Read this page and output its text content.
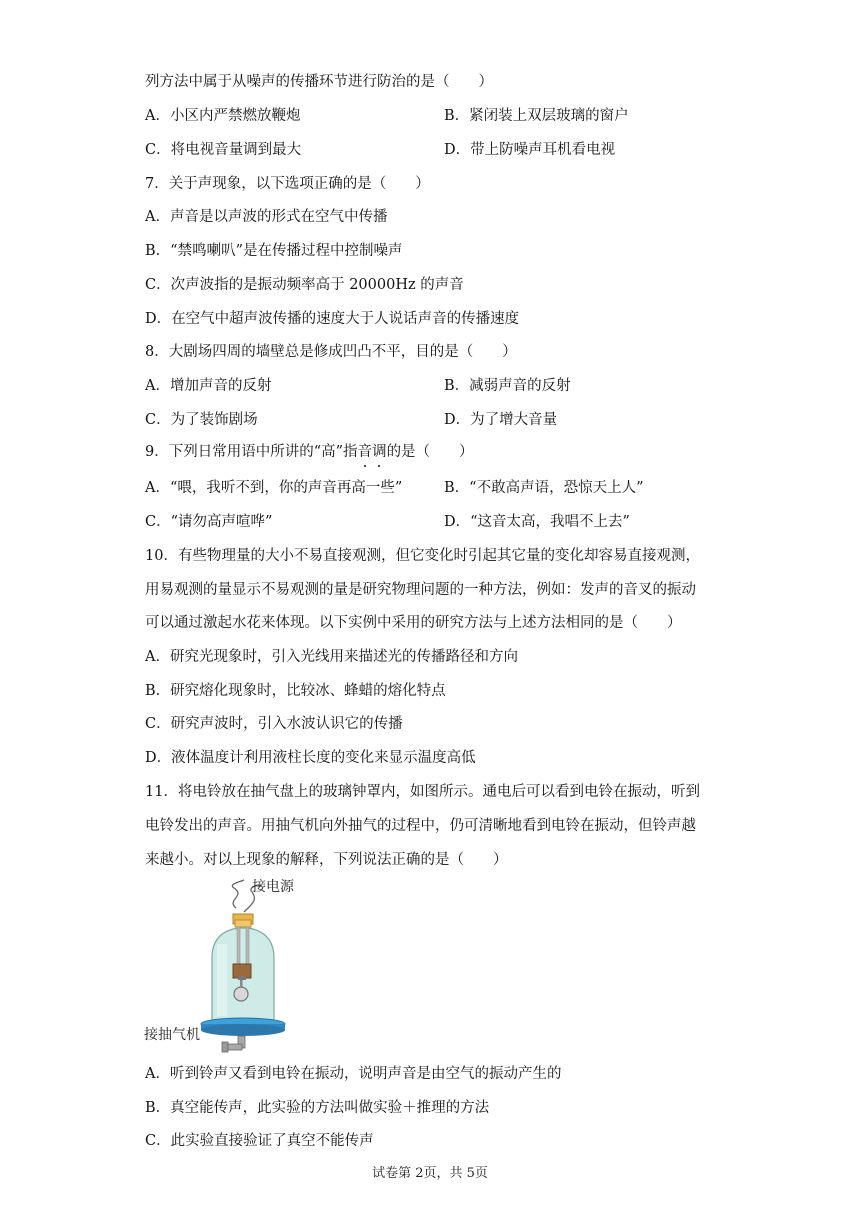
列方法中属于从噪声的传播环节进行防治的是（　　）
A．小区内严禁燃放鞭炮	B．紧闭装上双层玻璃的窗户
C．将电视音量调到最大	D．带上防噪声耳机看电视
7．关于声现象，以下选项正确的是（　　）
A．声音是以声波的形式在空气中传播
B．“禁鸣喇叭”是在传播过程中控制噪声
C．次声波指的是振动频率高于 20000Hz 的声音
D．在空气中超声波传播的速度大于人说话声音的传播速度
8．大剧场四周的墙壁总是修成凹凸不平，目的是（　　）
A．增加声音的反射	B．减弱声音的反射
C．为了装饰剧场	D．为了增大音量
9．下列日常用语中所讲的“高”指音调的是（　　）
A．“喂，我听不到，你的声音再高一些”	B．“不敢高声语，恐惊天上人”
C．“请勿高声喧哗”	D．“这音太高，我唱不上去”
10．有些物理量的大小不易直接观测，但它变化时引起其它量的变化却容易直接观测，
用易观测的量显示不易观测的量是研究物理问题的一种方法，例如：发声的音叉的振动
可以通过激起水花来体现。以下实例中采用的研究方法与上述方法相同的是（　　）
A．研究光现象时，引入光线用来描述光的传播路径和方向
B．研究熔化现象时，比较冰、蜂蜡的熔化特点
C．研究声波时，引入水波认识它的传播
D．液体温度计利用液柱长度的变化来显示温度高低
11．将电铃放在抽气盘上的玻璃钟罩内，如图所示。通电后可以看到电铃在振动，听到
电铃发出的声音。用抽气机向外抽气的过程中，仍可清晰地看到电铃在振动，但铃声越
来越小。对以上现象的解释，下列说法正确的是（　　）
接电源
接抽气机
A．听到铃声又看到电铃在振动，说明声音是由空气的振动产生的
B．真空能传声，此实验的方法叫做实验＋推理的方法
C．此实验直接验证了真空不能传声
试卷第 2页，共 5页
